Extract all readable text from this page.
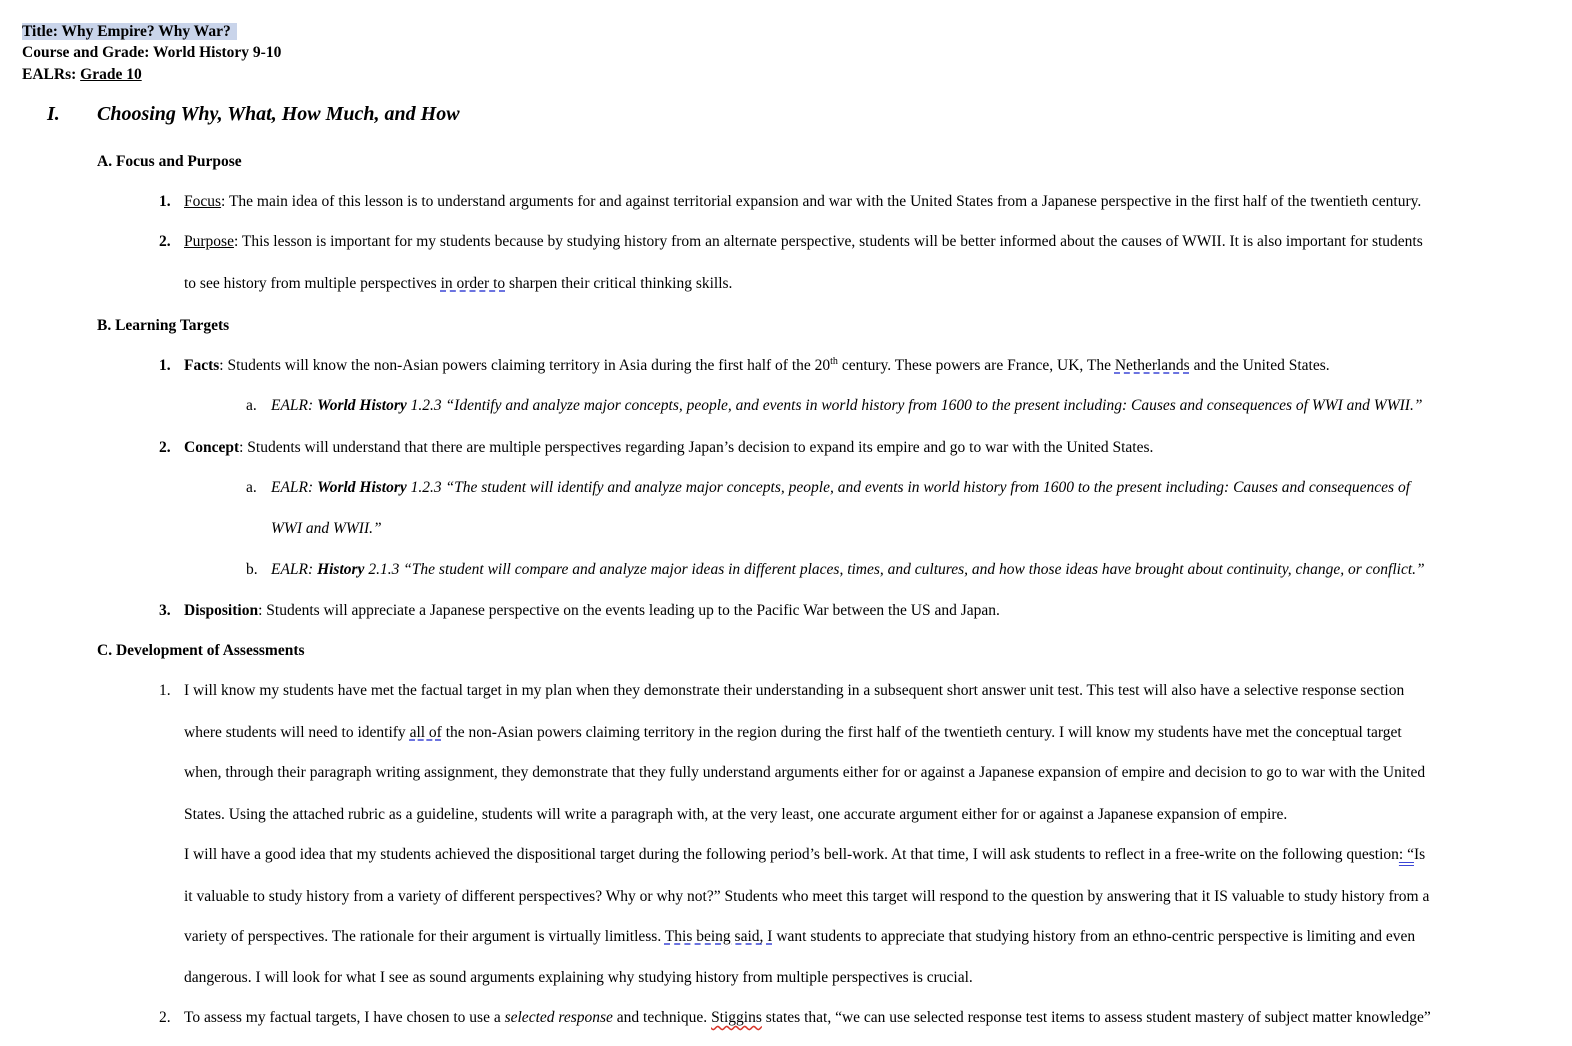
Title: Why Empire? Why War?
Course and Grade: World History 9-10
EALRs: Grade 10
I. Choosing Why, What, How Much, and How
A. Focus and Purpose
1. Focus: The main idea of this lesson is to understand arguments for and against territorial expansion and war with the United States from a Japanese perspective in the first half of the twentieth century.
2. Purpose: This lesson is important for my students because by studying history from an alternate perspective, students will be better informed about the causes of WWII. It is also important for students
to see history from multiple perspectives in order to sharpen their critical thinking skills.
B. Learning Targets
1. Facts: Students will know the non-Asian powers claiming territory in Asia during the first half of the 20th century. These powers are France, UK, The Netherlands and the United States.
a. EALR: World History 1.2.3 “Identify and analyze major concepts, people, and events in world history from 1600 to the present including: Causes and consequences of WWI and WWII.”
2. Concept: Students will understand that there are multiple perspectives regarding Japan’s decision to expand its empire and go to war with the United States.
a. EALR: World History 1.2.3 “The student will identify and analyze major concepts, people, and events in world history from 1600 to the present including: Causes and consequences of
WWI and WWII.”
b. EALR: History 2.1.3 “The student will compare and analyze major ideas in different places, times, and cultures, and how those ideas have brought about continuity, change, or conflict.”
3. Disposition: Students will appreciate a Japanese perspective on the events leading up to the Pacific War between the US and Japan.
C. Development of Assessments
1. I will know my students have met the factual target in my plan when they demonstrate their understanding in a subsequent short answer unit test. This test will also have a selective response section
where students will need to identify all of the non-Asian powers claiming territory in the region during the first half of the twentieth century. I will know my students have met the conceptual target
when, through their paragraph writing assignment, they demonstrate that they fully understand arguments either for or against a Japanese expansion of empire and decision to go to war with the United
States. Using the attached rubric as a guideline, students will write a paragraph with, at the very least, one accurate argument either for or against a Japanese expansion of empire.
I will have a good idea that my students achieved the dispositional target during the following period’s bell-work. At that time, I will ask students to reflect in a free-write on the following question: “Is
it valuable to study history from a variety of different perspectives? Why or why not?” Students who meet this target will respond to the question by answering that it IS valuable to study history from a
variety of perspectives. The rationale for their argument is virtually limitless. This being said, I want students to appreciate that studying history from an ethno-centric perspective is limiting and even
dangerous. I will look for what I see as sound arguments explaining why studying history from multiple perspectives is crucial.
2. To assess my factual targets, I have chosen to use a selected response and technique. Stiggins states that, “we can use selected response test items to assess student mastery of subject matter knowledge”
